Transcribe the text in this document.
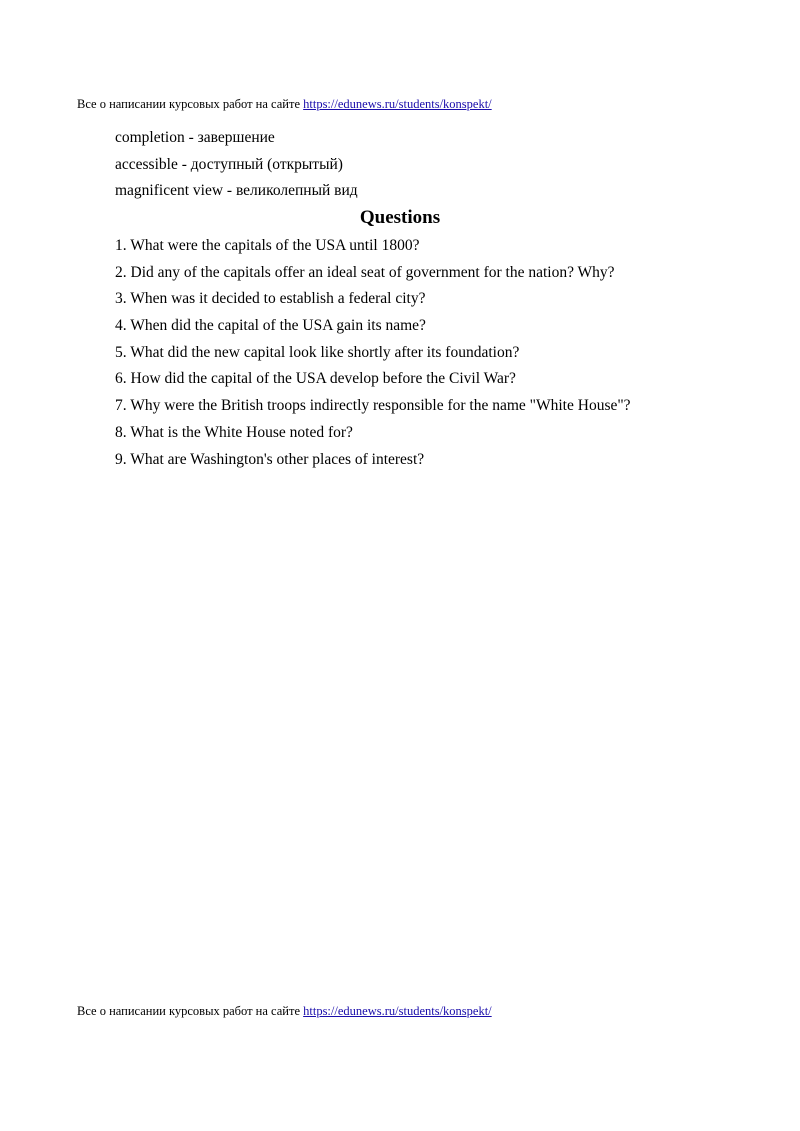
Все о написании курсовых работ на сайте https://edunews.ru/students/konspekt/
completion - завершение
accessible - доступный (открытый)
magnificent view - великолепный вид
Questions
1. What were the capitals of the USA until 1800?
2. Did any of the capitals offer an ideal seat of government for the nation? Why?
3. When was it decided to establish a federal city?
4. When did the capital of the USA gain its name?
5. What did the new capital look like shortly after its foundation?
6. How did the capital of the USA develop before the Civil War?
7. Why were the British troops indirectly responsible for the name "White House"?
8. What is the White House noted for?
9. What are Washington's other places of interest?
Все о написании курсовых работ на сайте https://edunews.ru/students/konspekt/
